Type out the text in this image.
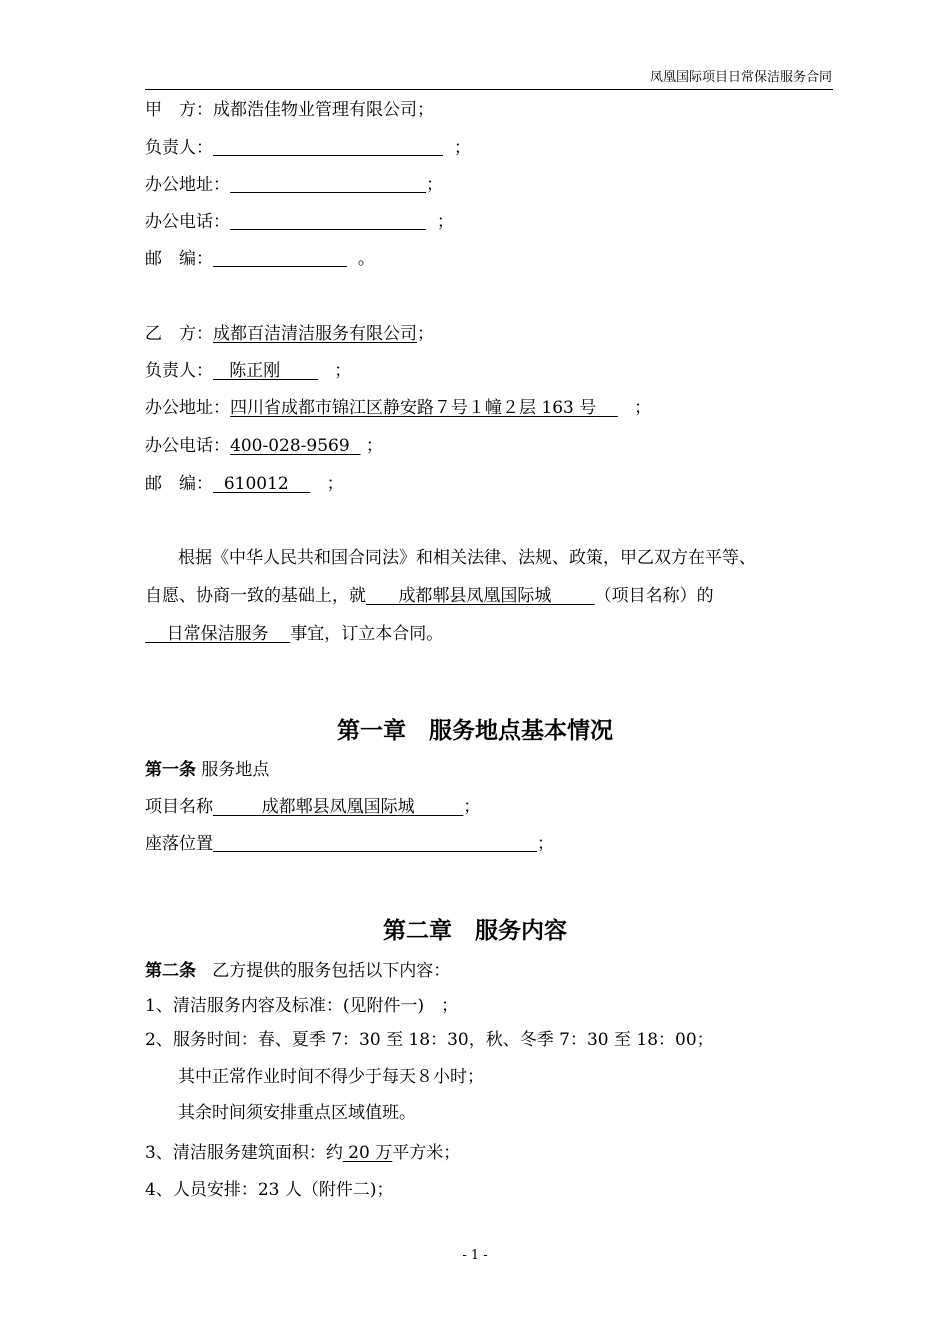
凤凰国际项目日常保洁服务合同
甲　方：成都浩佳物业管理有限公司；
负责人：	；
办公地址：	；
办公电话：	；
邮　编：	。
乙　方：成都百洁清洁服务有限公司；
负责人： 陈正刚	；
办公地址：四川省成都市锦江区静安路７号１幢２层 163 号 ；
办公电话：400-028-9569 ；
邮　编： 610012 ；
根据《中华人民共和国合同法》和相关法律、法规、政策，甲乙双方在平等、
自愿、协商一致的基础上，就 成都郫县凤凰国际城	（项目名称）的
日常保洁服务 事宜，订立本合同。
第一章　服务地点基本情况
第一条 服务地点
项目名称	成都郫县凤凰国际城	；
座落位置	；
第二章　服务内容
第二条 乙方提供的服务包括以下内容：
1、清洁服务内容及标准：(见附件一)　；
2、服务时间：春、夏季 7：30 至 18：30，秋、冬季 7：30 至 18：00；
其中正常作业时间不得少于每天８小时；
其余时间须安排重点区域值班。
3、清洁服务建筑面积：约 20 万平方米；
4、人员安排：23 人（附件二)；
- 1 -
